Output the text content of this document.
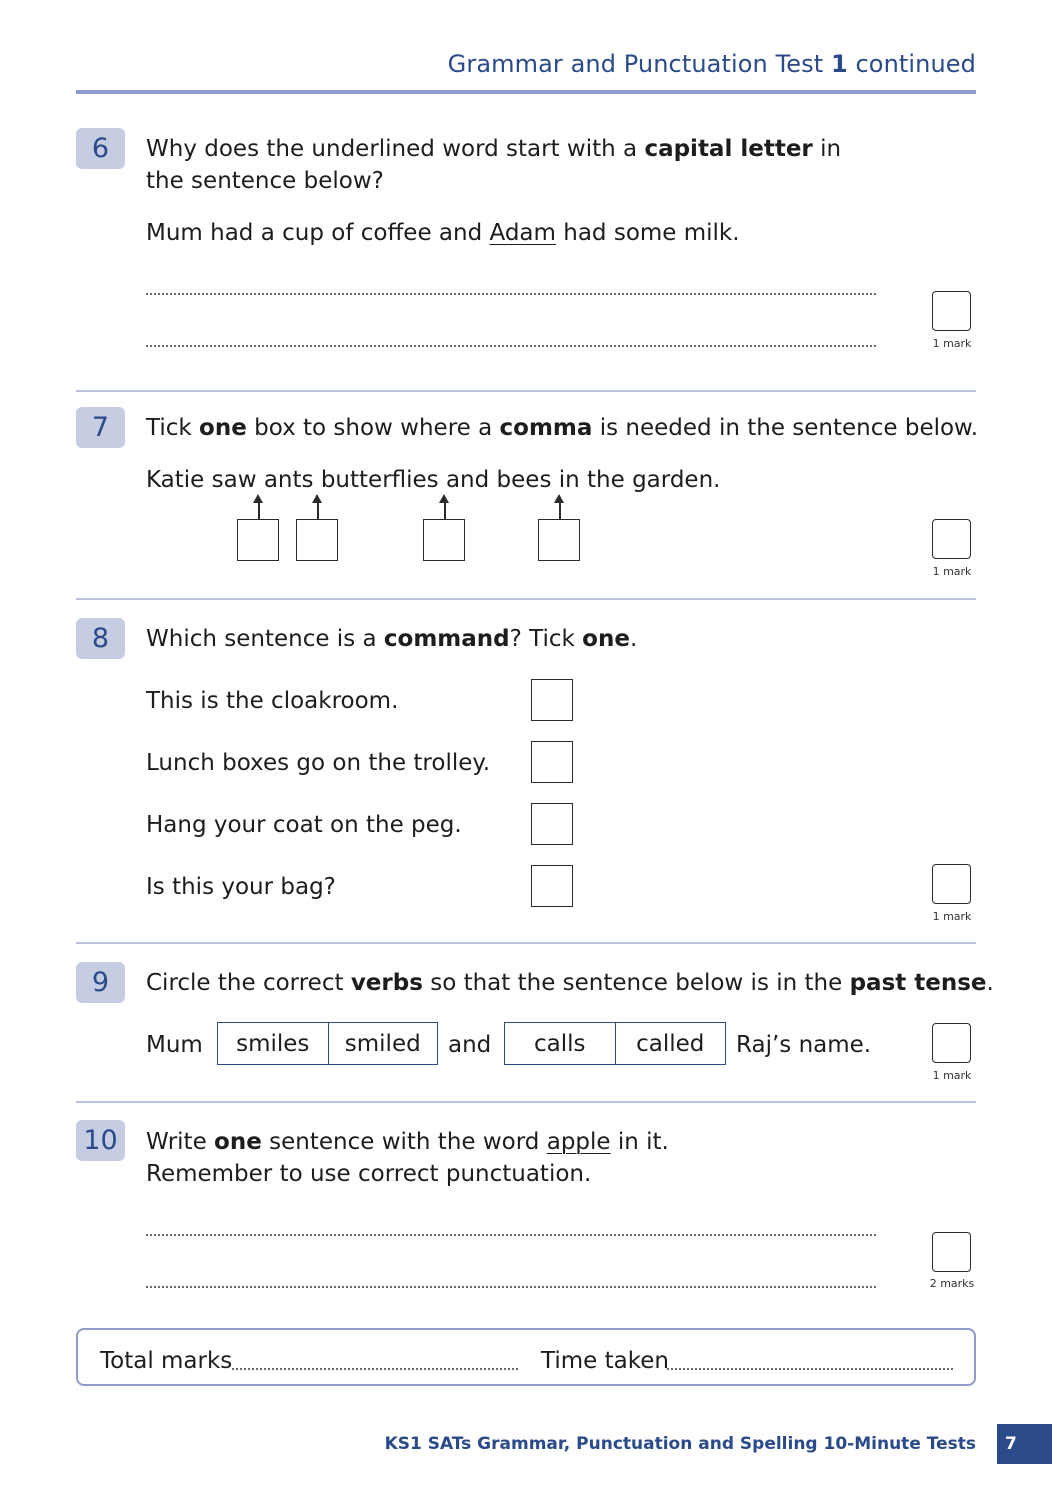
Grammar and Punctuation Test 1 continued
6 Why does the underlined word start with a capital letter in
the sentence below?
Mum had a cup of coffee and Adam had some milk.
1 mark
7 Tick one box to show where a comma is needed in the sentence below.
Katie saw ants butterflies and bees in the garden.
1 mark
8 Which sentence is a command? Tick one.
This is the cloakroom.
Lunch boxes go on the trolley.
Hang your coat on the peg.
Is this your bag?
1 mark
9 Circle the correct verbs so that the sentence below is in the past tense.
Mum	smiles	smiled	and	calls	called	Raj’s name.
1 mark
10 Write one sentence with the word apple in it.
Remember to use correct punctuation.
2 marks
Total marks	Time taken
KS1 SATs Grammar, Punctuation and Spelling 10-Minute Tests 7
